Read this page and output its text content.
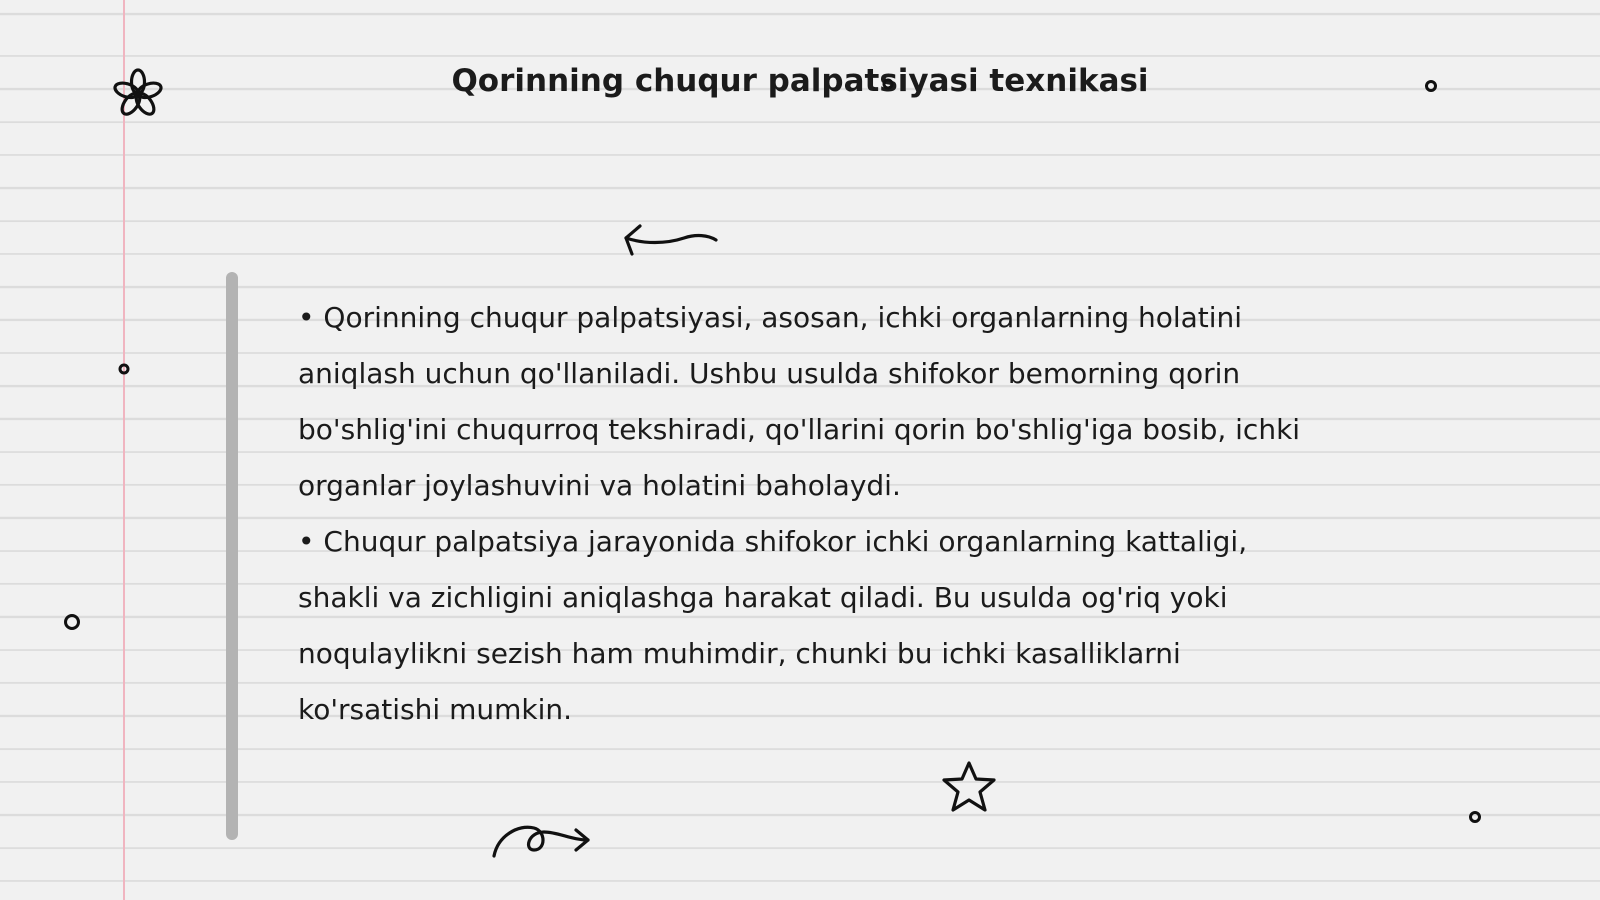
Qorinning chuqur palpatsiyasi texnikasi

• Qorinning chuqur palpatsiyasi, asosan, ichki organlarning holatini aniqlash uchun qo'llaniladi. Ushbu usulda shifokor bemorning qorin bo'shlig'ini chuqurroq tekshiradi, qo'llarini qorin bo'shlig'iga bosib, ichki organlar joylashuvini va holatini baholaydi.

• Chuqur palpatsiya jarayonida shifokor ichki organlarning kattaligi, shakli va zichligini aniqlashga harakat qiladi. Bu usulda og'riq yoki noqulaylikni sezish ham muhimdir, chunki bu ichki kasalliklarni ko'rsatishi mumkin.
